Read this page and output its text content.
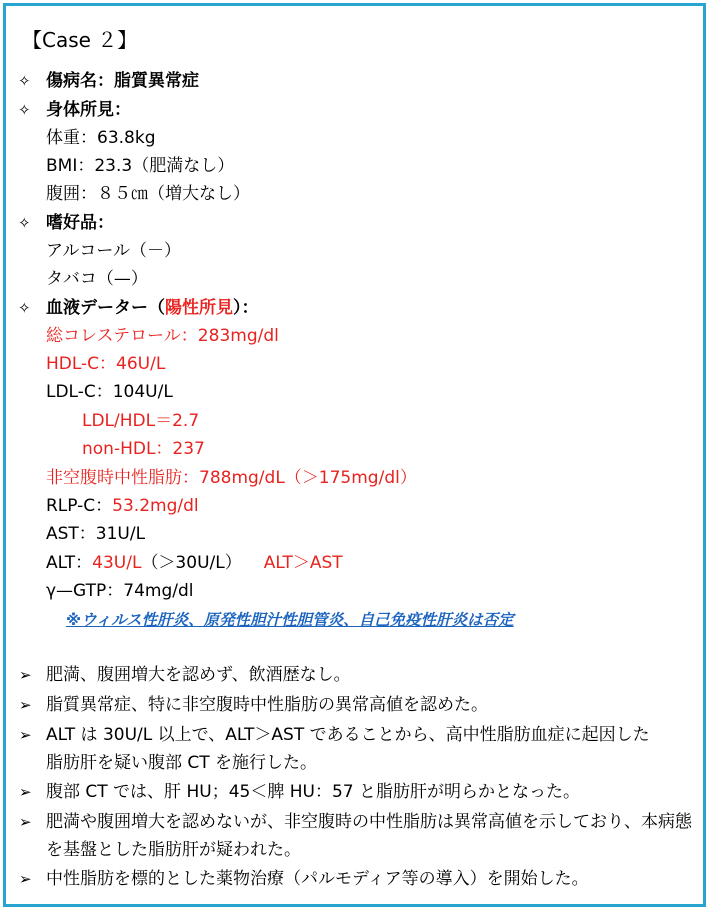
【Case ２】
✧ 傷病名：脂質異常症
✧ 身体所見：
体重：63.8kg
BMI：23.3（肥満なし）
腹囲：８５㎝（増大なし）
✧ 嗜好品：
アルコール（－）
タバコ（—）
✧ 血液データー（陽性所見）：
総コレステロール：283mg/dl
HDL-C：46U/L
LDL-C：104U/L
LDL/HDL＝2.7
non-HDL：237
非空腹時中性脂肪：788mg/dL（＞175mg/dl）
RLP-C：53.2mg/dl
AST：31U/L
ALT：43U/L（＞30U/L） ALT＞AST
γ—GTP：74mg/dl
※ウィルス性肝炎、原発性胆汁性胆管炎、自己免疫性肝炎は否定
➢ 肥満、腹囲増大を認めず、飲酒歴なし。
➢ 脂質異常症、特に非空腹時中性脂肪の異常高値を認めた。
➢ ALT は 30U/L 以上で、ALT＞AST であることから、高中性脂肪血症に起因した
脂肪肝を疑い腹部 CT を施行した。
➢ 腹部 CT では、肝 HU；45＜脾 HU：57 と脂肪肝が明らかとなった。
➢ 肥満や腹囲増大を認めないが、非空腹時の中性脂肪は異常高値を示しており、本病態
を基盤とした脂肪肝が疑われた。
➢ 中性脂肪を標的とした薬物治療（パルモディア等の導入）を開始した。
